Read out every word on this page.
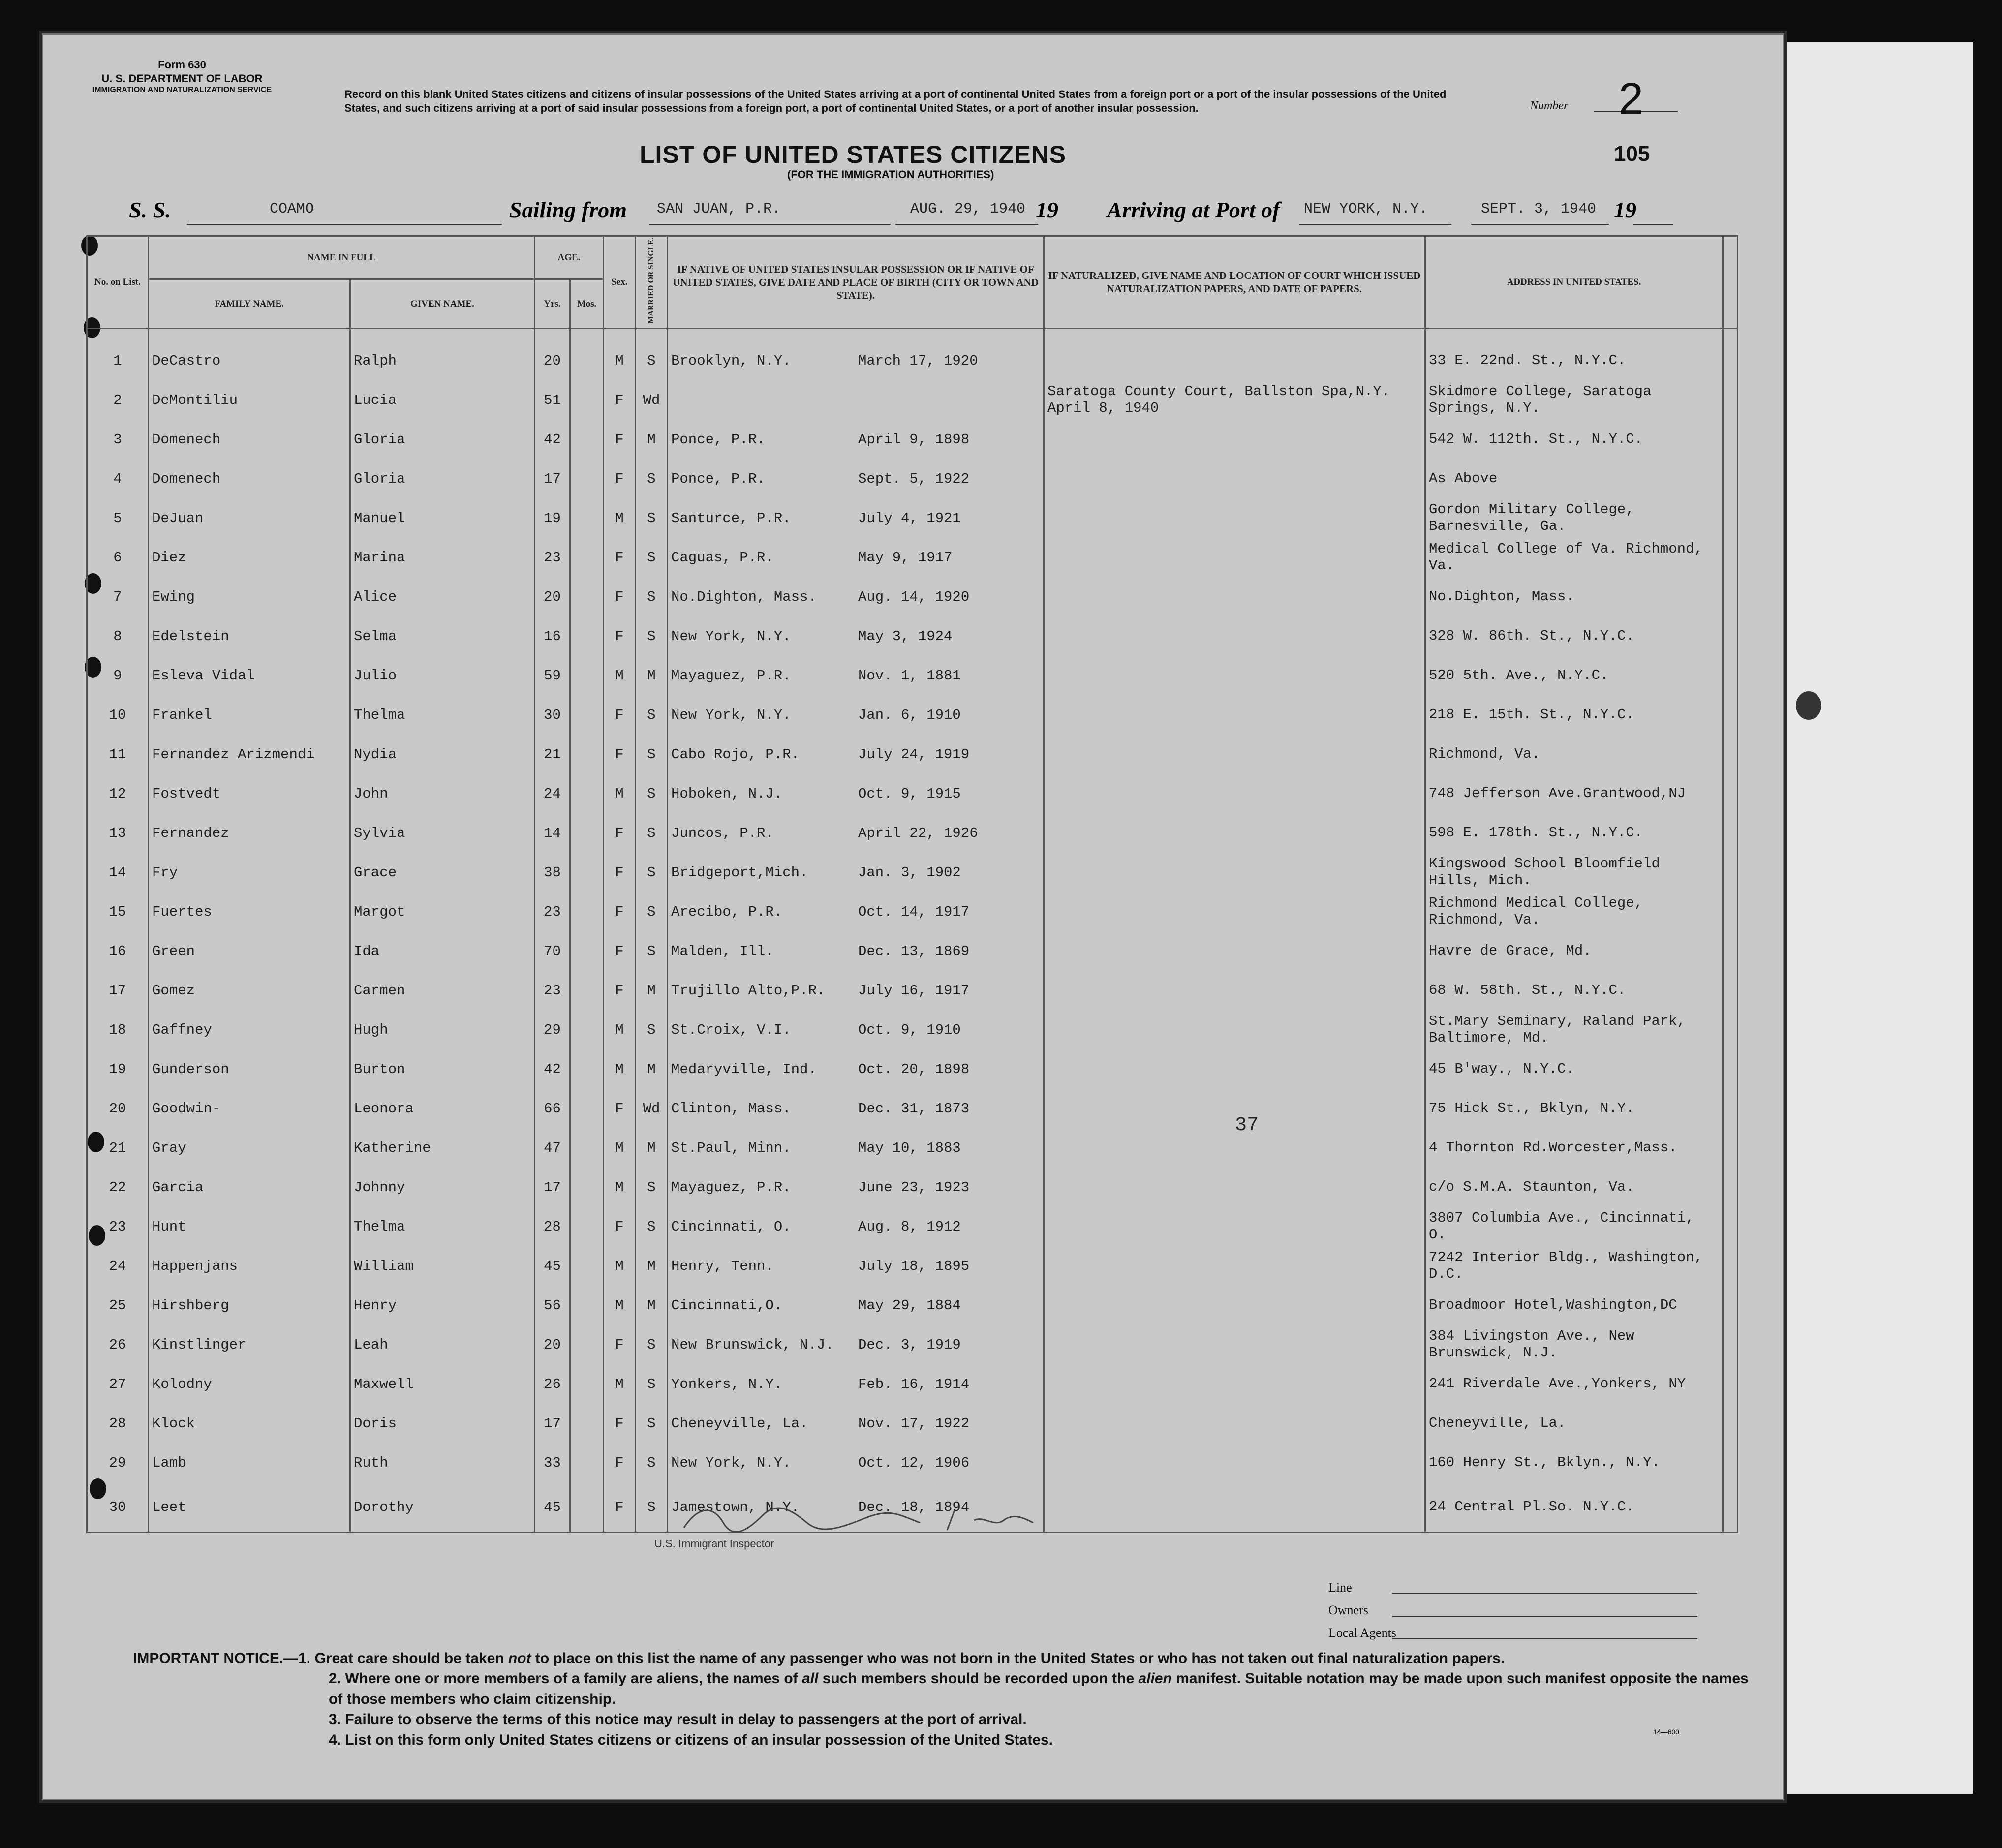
Form 630
U. S. DEPARTMENT OF LABOR
IMMIGRATION AND NATURALIZATION SERVICE	Record on this blank United States citizens and citizens of insular possessions of the United States arriving at a port of continental United States from a foreign port or a port of the insular possessions of the United States, and such citizens arriving at a port of said insular possessions from a foreign port, a port of continental United States, or a port of another insular possession.	Number 2
LIST OF UNITED STATES CITIZENS
(FOR THE IMMIGRATION AUTHORITIES)
105
S. S.	COAMO	Sailing from SAN JUAN, P.R.	AUG. 29, 1940 19 Arriving at Port of NEW YORK, N.Y.	SEPT. 3, 1940 19
No. on List.	NAME IN FULL		AGE.		Sex.	MARRIED OR SINGLE.	IF NATIVE OF UNITED STATES INSULAR POSSESSION OR IF NATIVE OF UNITED STATES, GIVE DATE AND PLACE OF BIRTH (CITY OR TOWN AND STATE).	IF NATURALIZED, GIVE NAME AND LOCATION OF COURT WHICH ISSUED NATURALIZATION PAPERS, AND DATE OF PAPERS.	ADDRESS IN UNITED STATES.	
	FAMILY NAME.	GIVEN NAME.	Yrs.	Mos.						
1	DeCastro	Ralph	20		M	S	Brooklyn, N.Y. March 17, 1920		33 E. 22nd. St., N.Y.C.	
2	DeMontiliu	Lucia	51		F	Wd		Saratoga County Court, Ballston Spa,N.Y. April 8, 1940	Skidmore College, Saratoga Springs, N.Y.	
3	Domenech	Gloria	42		F	M	Ponce, P.R. April 9, 1898		542 W. 112th. St., N.Y.C.	
4	Domenech	Gloria	17		F	S	Ponce, P.R. Sept. 5, 1922		As Above	
5	DeJuan	Manuel	19		M	S	Santurce, P.R. July 4, 1921		Gordon Military College, Barnesville, Ga.	
6	Diez	Marina	23		F	S	Caguas, P.R. May 9, 1917		Medical College of Va. Richmond, Va.	
7	Ewing	Alice	20		F	S	No.Dighton, Mass. Aug. 14, 1920		No.Dighton, Mass.	
8	Edelstein	Selma	16		F	S	New York, N.Y. May 3, 1924		328 W. 86th. St., N.Y.C.	
9	Esleva Vidal	Julio	59		M	M	Mayaguez, P.R. Nov. 1, 1881		520 5th. Ave., N.Y.C.	
10	Frankel	Thelma	30		F	S	New York, N.Y. Jan. 6, 1910		218 E. 15th. St., N.Y.C.	
11	Fernandez Arizmendi	Nydia	21		F	S	Cabo Rojo, P.R. July 24, 1919		Richmond, Va.	
12	Fostvedt	John	24		M	S	Hoboken, N.J. Oct. 9, 1915		748 Jefferson Ave.Grantwood,NJ	
13	Fernandez	Sylvia	14		F	S	Juncos, P.R. April 22, 1926		598 E. 178th. St., N.Y.C.	
14	Fry	Grace	38		F	S	Bridgeport,Mich. Jan. 3, 1902		Kingswood School Bloomfield Hills, Mich.	
15	Fuertes	Margot	23		F	S	Arecibo, P.R. Oct. 14, 1917		Richmond Medical College, Richmond, Va.	
16	Green	Ida	70		F	S	Malden, Ill. Dec. 13, 1869		Havre de Grace, Md.	
17	Gomez	Carmen	23		F	M	Trujillo Alto,P.R. July 16, 1917		68 W. 58th. St., N.Y.C.	
18	Gaffney	Hugh	29		M	S	St.Croix, V.I. Oct. 9, 1910		St.Mary Seminary, Raland Park, Baltimore, Md.	
19	Gunderson	Burton	42		M	M	Medaryville, Ind. Oct. 20, 1898		45 B'way., N.Y.C.	
20	Goodwin-	Leonora	66		F	Wd	Clinton, Mass. Dec. 31, 1873		75 Hick St., Bklyn, N.Y.	
21	Gray	Katherine	47		M	M	St.Paul, Minn. May 10, 1883		4 Thornton Rd.Worcester,Mass.	
22	Garcia	Johnny	17		M	S	Mayaguez, P.R. June 23, 1923		c/o S.M.A. Staunton, Va.	
23	Hunt	Thelma	28		F	S	Cincinnati, O. Aug. 8, 1912		3807 Columbia Ave., Cincinnati, O.	
24	Happenjans	William	45		M	M	Henry, Tenn. July 18, 1895		7242 Interior Bldg., Washington, D.C.	
25	Hirshberg	Henry	56		M	M	Cincinnati,O. May 29, 1884		Broadmoor Hotel,Washington,DC	
26	Kinstlinger	Leah	20		F	S	New Brunswick, N.J. Dec. 3, 1919		384 Livingston Ave., New Brunswick, N.J.	
27	Kolodny	Maxwell	26		M	S	Yonkers, N.Y. Feb. 16, 1914		241 Riverdale Ave.,Yonkers, NY	
28	Klock	Doris	17		F	S	Cheneyville, La. Nov. 17, 1922		Cheneyville, La.	
29	Lamb	Ruth	33		F	S	New York, N.Y. Oct. 12, 1906		160 Henry St., Bklyn., N.Y.	
30	Leet	Dorothy	45		F	S	Jamestown, N.Y. Dec. 18, 1894		24 Central Pl.So. N.Y.C.	
37
U.S. Immigrant Inspector
Line
Owners
Local Agents
IMPORTANT NOTICE.—1. Great care should be taken not to place on this list the name of any passenger who was not born in the United States or who has not taken out final naturalization papers.
2. Where one or more members of a family are aliens, the names of all such members should be recorded upon the alien manifest. Suitable notation may be made upon such manifest opposite the names of those members who claim citizenship.
3. Failure to observe the terms of this notice may result in delay to passengers at the port of arrival.
4. List on this form only United States citizens or citizens of an insular possession of the United States.	14—600
